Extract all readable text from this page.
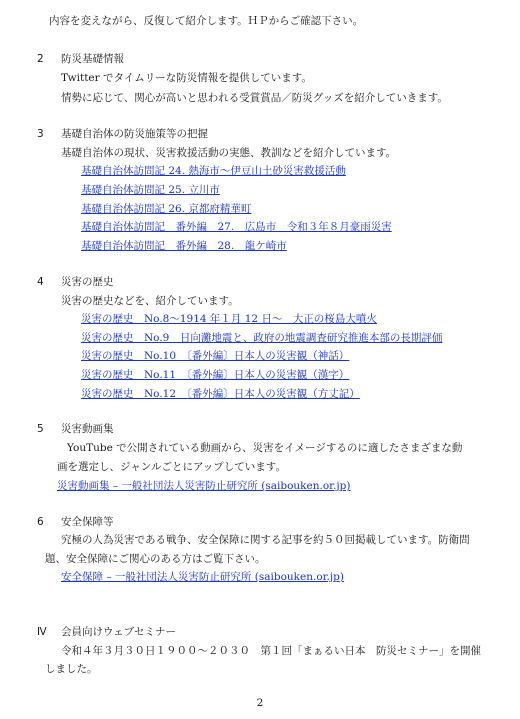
内容を変えながら、反復して紹介します。ＨＰからご確認下さい。
2 防災基礎情報
Twitter でタイムリーな防災情報を提供しています。
情勢に応じて、関心が高いと思われる受賞賞品／防災グッズを紹介していきます。
3 基礎自治体の防災施策等の把握
基礎自治体の現状、災害救援活動の実態、教訓などを紹介しています。
基礎自治体訪問記 24. 熱海市～伊豆山土砂災害救援活動
基礎自治体訪問記 25. 立川市
基礎自治体訪問記 26. 京都府精華町
基礎自治体訪問記　番外編　27.　広島市　令和３年８月豪雨災害
基礎自治体訪問記　番外編　28.　龍ケ崎市
4 災害の歴史
災害の歴史などを、紹介しています。
災害の歴史　No.8～1914 年１月 12 日～　大正の桜島大噴火
災害の歴史　No.9　日向灘地震と、政府の地震調査研究推進本部の長期評価
災害の歴史　No.10　〔番外編〕日本人の災害観（神話）
災害の歴史　No.11　〔番外編〕日本人の災害観（漢字）
災害の歴史　No.12　〔番外編〕日本人の災害観（方丈記）
5 災害動画集
YouTube で公開されている動画から、災害をイメージするのに適したさまざまな動
画を選定し、ジャンルごとにアップしています。
災害動画集 – 一般社団法人災害防止研究所 (saibouken.or.jp)
6 安全保障等
究極の人為災害である戦争、安全保障に関する記事を約５０回掲載しています。防衛問
題、安全保障にご関心のある方はご覧下さい。
安全保障 – 一般社団法人災害防止研究所 (saibouken.or.jp)
Ⅳ 会員向けウェブセミナー
令和４年３月３０日１９００～２０３０　第１回「まぁるい日本　防災セミナー」を開催
しました。
2
